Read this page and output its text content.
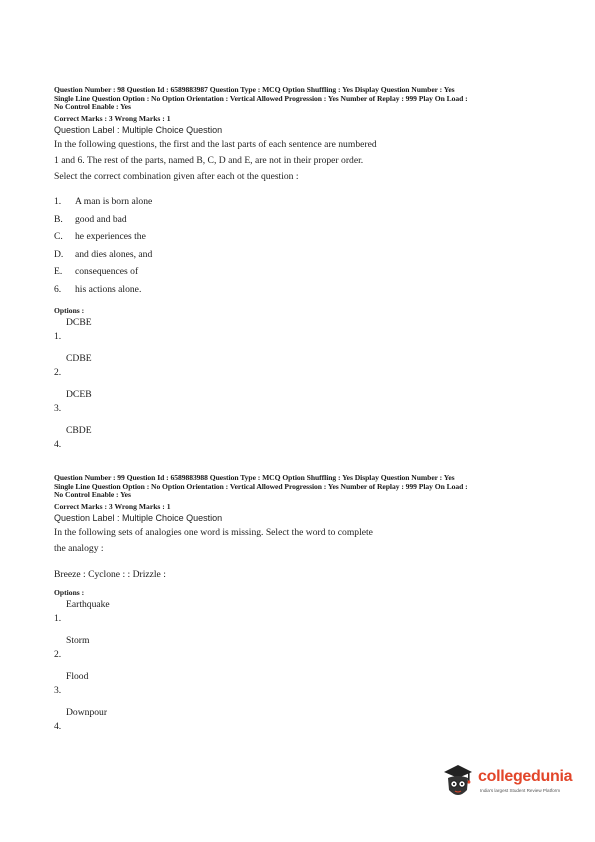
Question Number : 98 Question Id : 6589883987 Question Type : MCQ Option Shuffling : Yes Display Question Number : Yes
Single Line Question Option : No Option Orientation : Vertical Allowed Progression : Yes Number of Replay : 999 Play On Load :
No Control Enable : Yes
Correct Marks : 3 Wrong Marks : 1
Question Label : Multiple Choice Question
In the following questions, the first and the last parts of each sentence are numbered
1 and 6. The rest of the parts, named B, C, D and E, are not in their proper order.
Select the correct combination given after each ot the question :
1.	A man is born alone
B.	good and bad
C.	he experiences the
D.	and dies alones, and
E.	consequences of
6.	his actions alone.
Options :
1.
DCBE
2.
CDBE
3.
DCEB
4.
CBDE
Question Number : 99 Question Id : 6589883988 Question Type : MCQ Option Shuffling : Yes Display Question Number : Yes
Single Line Question Option : No Option Orientation : Vertical Allowed Progression : Yes Number of Replay : 999 Play On Load :
No Control Enable : Yes
Correct Marks : 3 Wrong Marks : 1
Question Label : Multiple Choice Question
In the following sets of analogies one word is missing. Select the word to complete
the analogy :
Breeze : Cyclone : : Drizzle :
Options :
1.
Earthquake
2.
Storm
3.
Flood
4.
Downpour
collegedunia
India's largest Student Review Platform
